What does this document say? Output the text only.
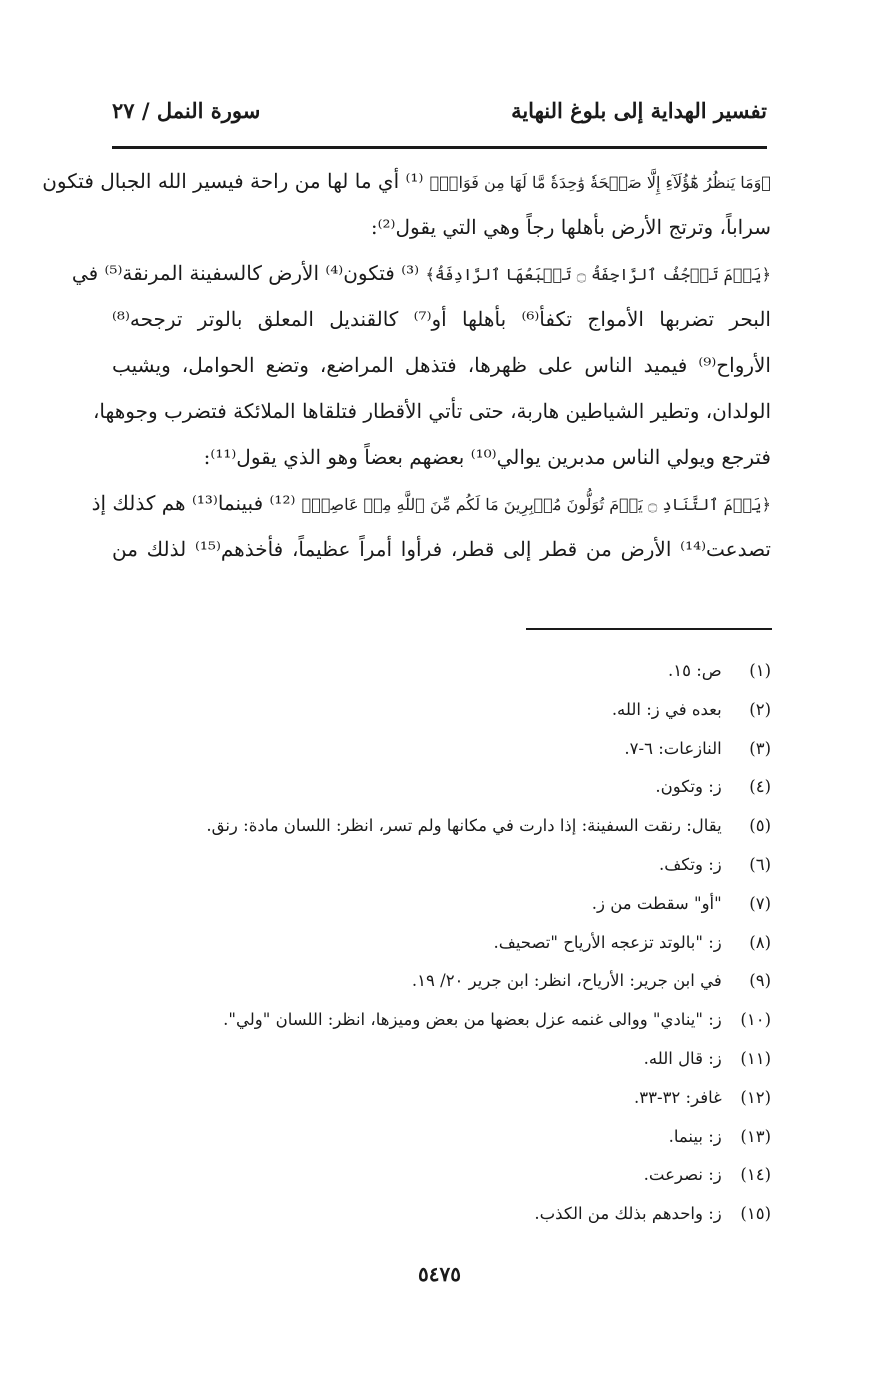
تفسير الهداية إلى بلوغ النهاية
سورة النمل / ٢٧
﴿وَمَا يَنظُرُ هَٰٓؤُلَآءِ إِلَّا صَيۡحَةٗ وَٰحِدَةٗ مَّا لَهَا مِن فَوَاقٖ﴾ ⁽¹⁾ أي ما لها من راحة فيسير الله الجبال فتكون
سراباً، وترتج الأرض بأهلها رجاً وهي التي يقول⁽²⁾:
﴿يَوۡمَ تَرۡجُفُ ٱلرَّاجِفَةُ ۝ تَتۡبَعُهَا ٱلرَّادِفَةُ﴾ ⁽³⁾ فتكون⁽⁴⁾ الأرض كالسفينة المرنقة⁽⁵⁾ في
البحر تضربها الأمواج تكفأ⁽⁶⁾ بأهلها أو⁽⁷⁾ كالقنديل المعلق بالوتر ترجحه⁽⁸⁾
الأرواح⁽⁹⁾ فيميد الناس على ظهرها، فتذهل المراضع، وتضع الحوامل، ويشيب
الولدان، وتطير الشياطين هاربة، حتى تأتي الأقطار فتلقاها الملائكة فتضرب وجوهها،
فترجع ويولي الناس مدبرين يوالي⁽¹⁰⁾ بعضهم بعضاً وهو الذي يقول⁽¹¹⁾:
﴿يَوۡمَ ٱلتَّنَادِ ۝ يَوۡمَ تُوَلُّونَ مُدۡبِرِينَ مَا لَكُم مِّنَ ٱللَّهِ مِنۡ عَاصِمٖ﴾ ⁽¹²⁾ فبينما⁽¹³⁾ هم كذلك إذ
تصدعت⁽¹⁴⁾ الأرض من قطر إلى قطر، فرأوا أمراً عظيماً، فأخذهم⁽¹⁵⁾ لذلك من
(١) ص: ١٥.
(٢) بعده في ز: الله.
(٣) النازعات: ٦-٧.
(٤) ز: وتكون.
(٥) يقال: رنقت السفينة: إذا دارت في مكانها ولم تسر، انظر: اللسان مادة: رنق.
(٦) ز: وتكف.
(٧) "أو" سقطت من ز.
(٨) ز: "بالوتد تزعجه الأرياح "تصحيف.
(٩) في ابن جرير: الأرياح، انظر: ابن جرير ٢٠/ ١٩.
(١٠) ز: "ينادي" ووالى غنمه عزل بعضها من بعض وميزها، انظر: اللسان "ولي".
(١١) ز: قال الله.
(١٢) غافر: ٣٢-٣٣.
(١٣) ز: بينما.
(١٤) ز: نصرعت.
(١٥) ز: واحدهم بذلك من الكذب.
٥٤٧٥
